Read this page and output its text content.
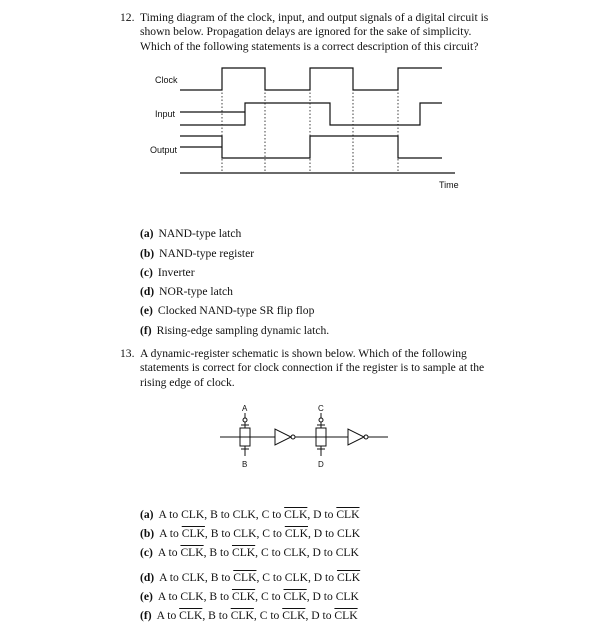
12. Timing diagram of the clock, input, and output signals of a digital circuit is shown below. Propagation delays are ignored for the sake of simplicity. Which of the following statements is a correct description of this circuit?
Clock
Input
Output
Time
(a) NAND-type latch
(b) NAND-type register
(c) Inverter
(d) NOR-type latch
(e) Clocked NAND-type SR flip flop
(f) Rising-edge sampling dynamic latch.
13. A dynamic-register schematic is shown below. Which of the following statements is correct for clock connection if the register is to sample at the rising edge of clock.
A
B
C
D
(a) A to CLK, B to CLK, C to $\overline{CLK}$, D to $\overline{CLK}$
(b) A to $\overline{CLK}$, B to CLK, C to $\overline{CLK}$, D to CLK
(c) A to $\overline{CLK}$, B to $\overline{CLK}$, C to CLK, D to CLK
(d) A to CLK, B to $\overline{CLK}$, C to CLK, D to $\overline{CLK}$
(e) A to CLK, B to $\overline{CLK}$, C to $\overline{CLK}$, D to CLK
(f) A to $\overline{CLK}$, B to $\overline{CLK}$, C to $\overline{CLK}$, D to $\overline{CLK}$
